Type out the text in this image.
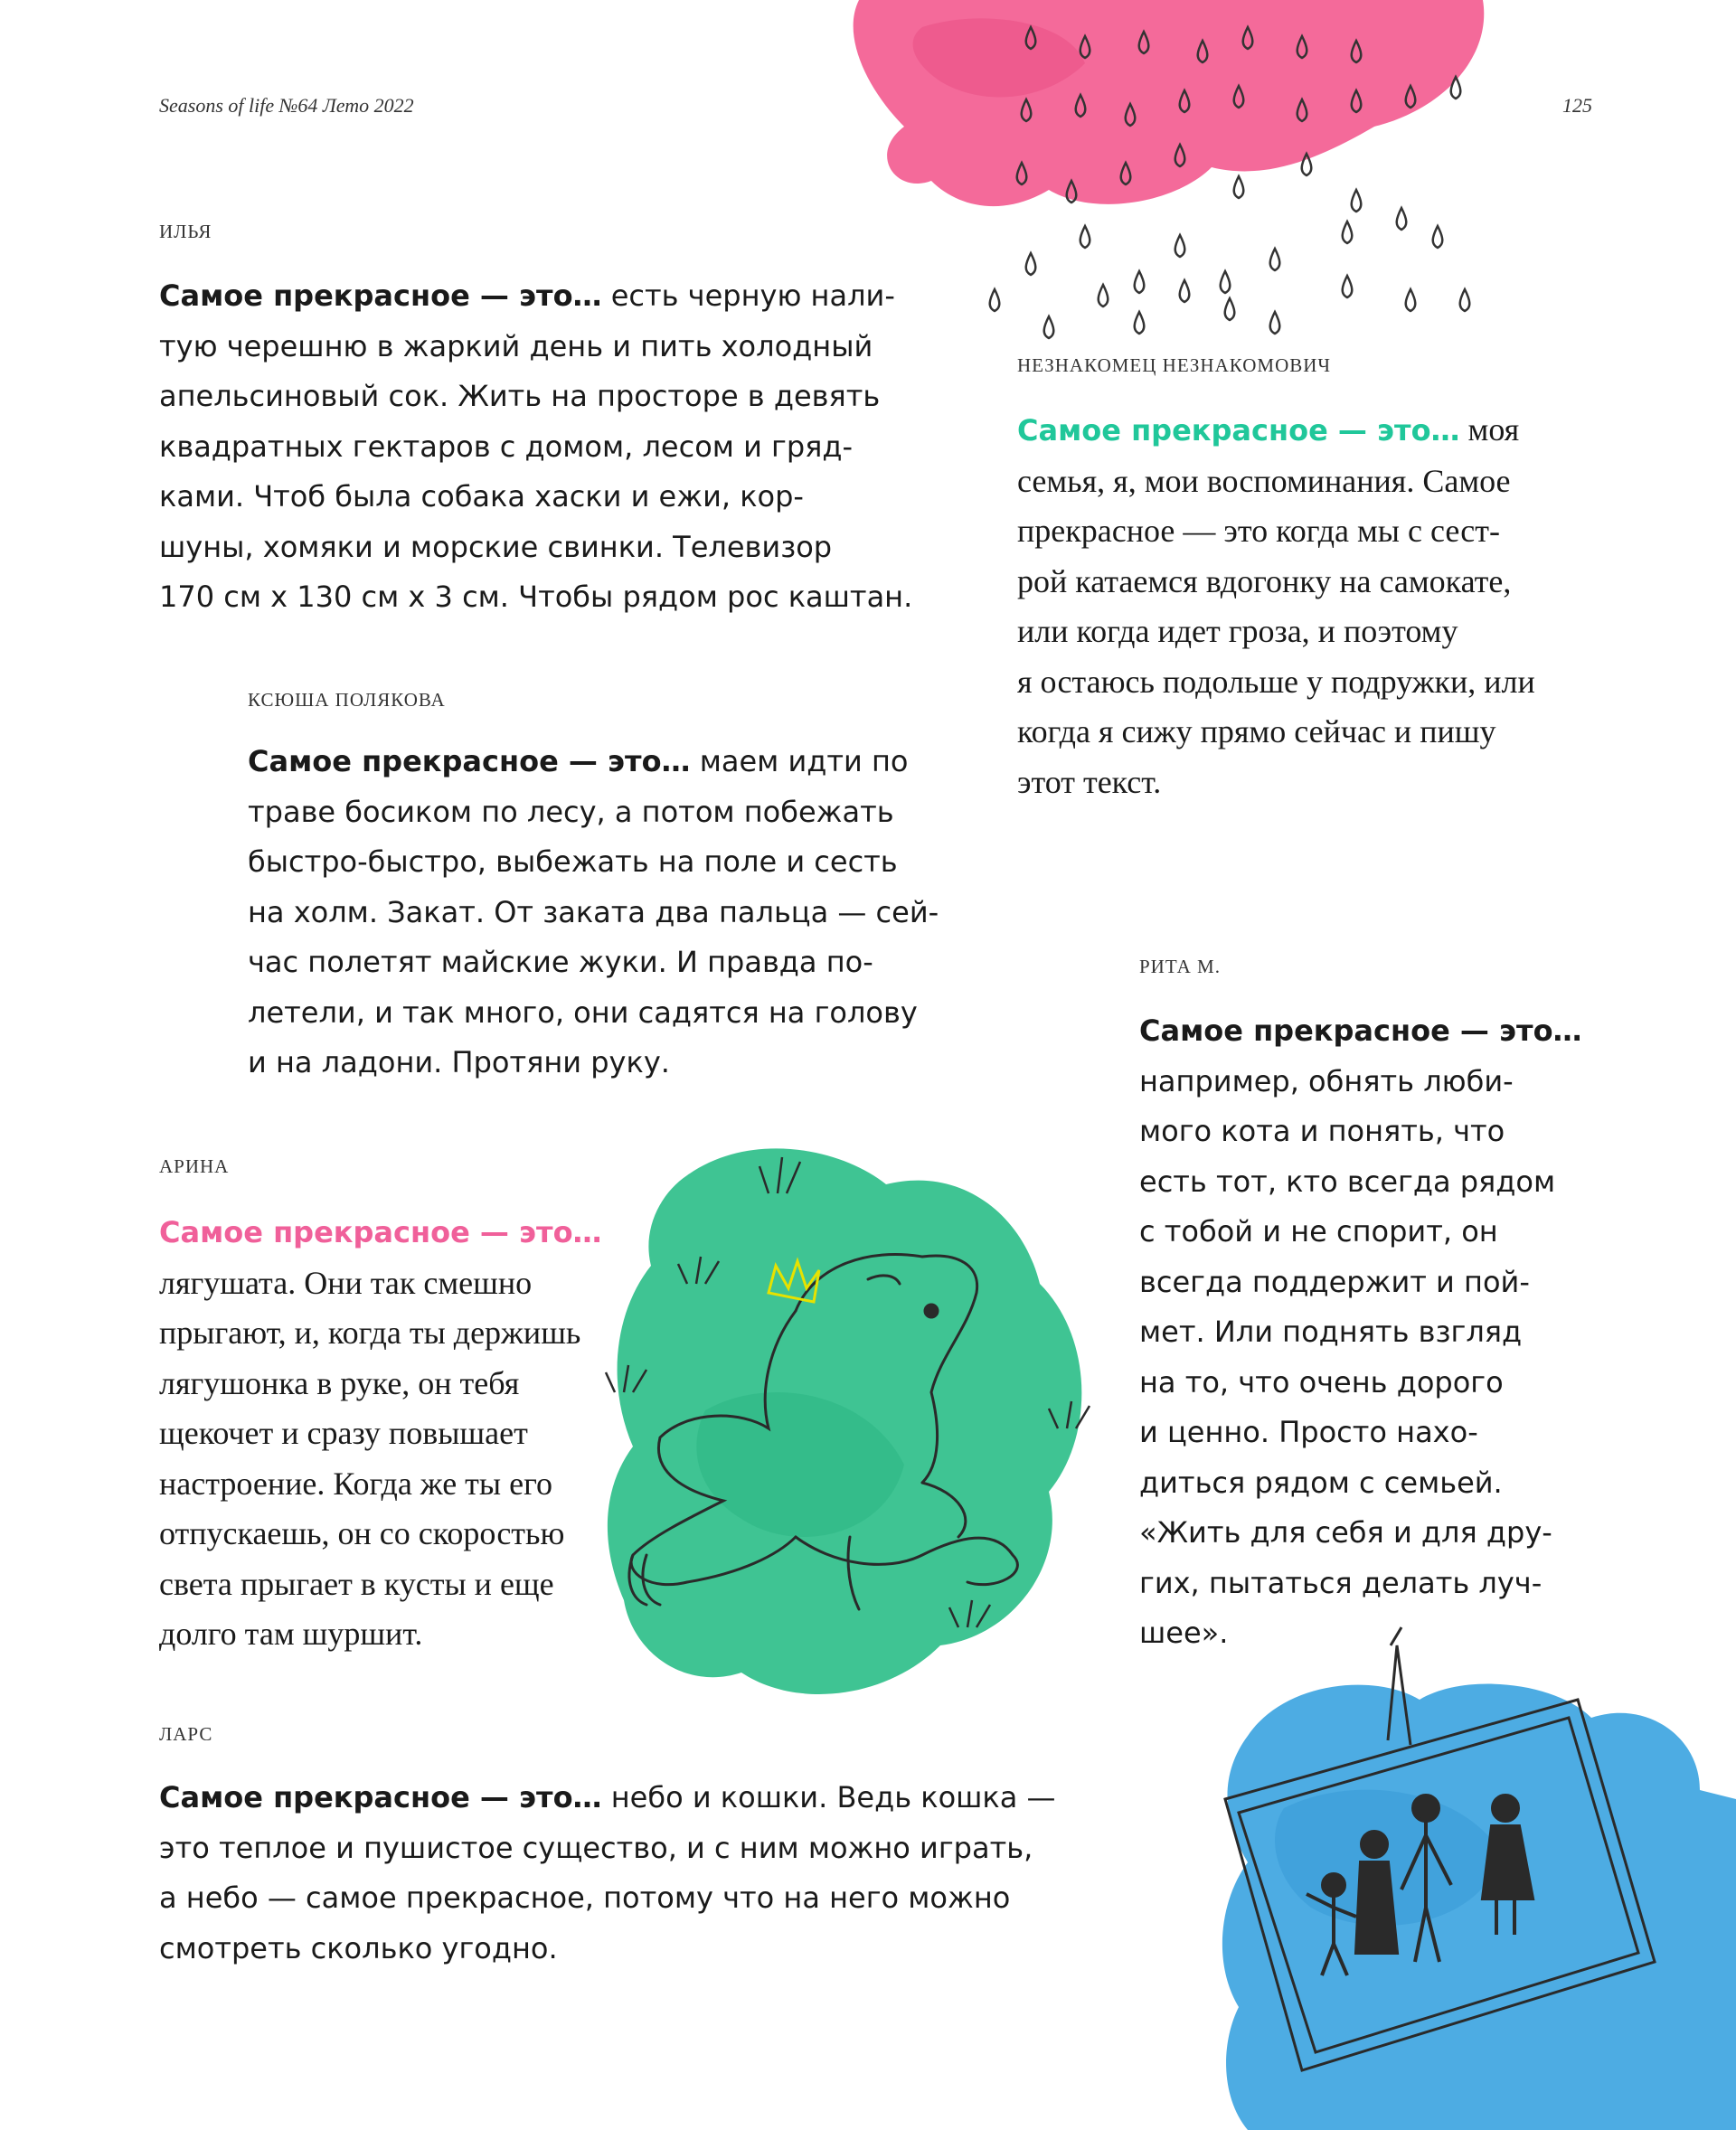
Seasons of life №64 Лето 2022	125
ИЛЬЯ
Самое прекрасное — это… есть черную нали-
тую черешню в жаркий день и пить холодный
апельсиновый сок. Жить на просторе в девять
квадратных гектаров с домом, лесом и гряд-
ками. Чтоб была собака хаски и ежи, кор-
шуны, хомяки и морские свинки. Телевизор
170 см х 130 см х 3 см. Чтобы рядом рос каштан.
НЕЗНАКОМЕЦ НЕЗНАКОМОВИЧ
Самое прекрасное — это… моя
семья, я, мои воспоминания. Самое
прекрасное — это когда мы с сест-
рой катаемся вдогонку на самокате,
или когда идет гроза, и поэтому
я остаюсь подольше у подружки, или
когда я сижу прямо сейчас и пишу
этот текст.
КСЮША ПОЛЯКОВА
Самое прекрасное — это… маем идти по
траве босиком по лесу, а потом побежать
быстро-быстро, выбежать на поле и сесть
на холм. Закат. От заката два пальца — сей-
час полетят майские жуки. И правда по-
летели, и так много, они садятся на голову
и на ладони. Протяни руку.
РИТА М.
Самое прекрасное — это…
например, обнять люби-
мого кота и понять, что
есть тот, кто всегда рядом
с тобой и не спорит, он
всегда поддержит и пой-
мет. Или поднять взгляд
на то, что очень дорого
и ценно. Просто нахо-
диться рядом с семьей.
«Жить для себя и для дру-
гих, пытаться делать луч-
шее».
АРИНА
Самое прекрасное — это…
лягушата. Они так смешно
прыгают, и, когда ты держишь
лягушонка в руке, он тебя
щекочет и сразу повышает
настроение. Когда же ты его
отпускаешь, он со скоростью
света прыгает в кусты и еще
долго там шуршит.
ЛАРС
Самое прекрасное — это… небо и кошки. Ведь кошка —
это теплое и пушистое существо, и с ним можно играть,
а небо — самое прекрасное, потому что на него можно
смотреть сколько угодно.
